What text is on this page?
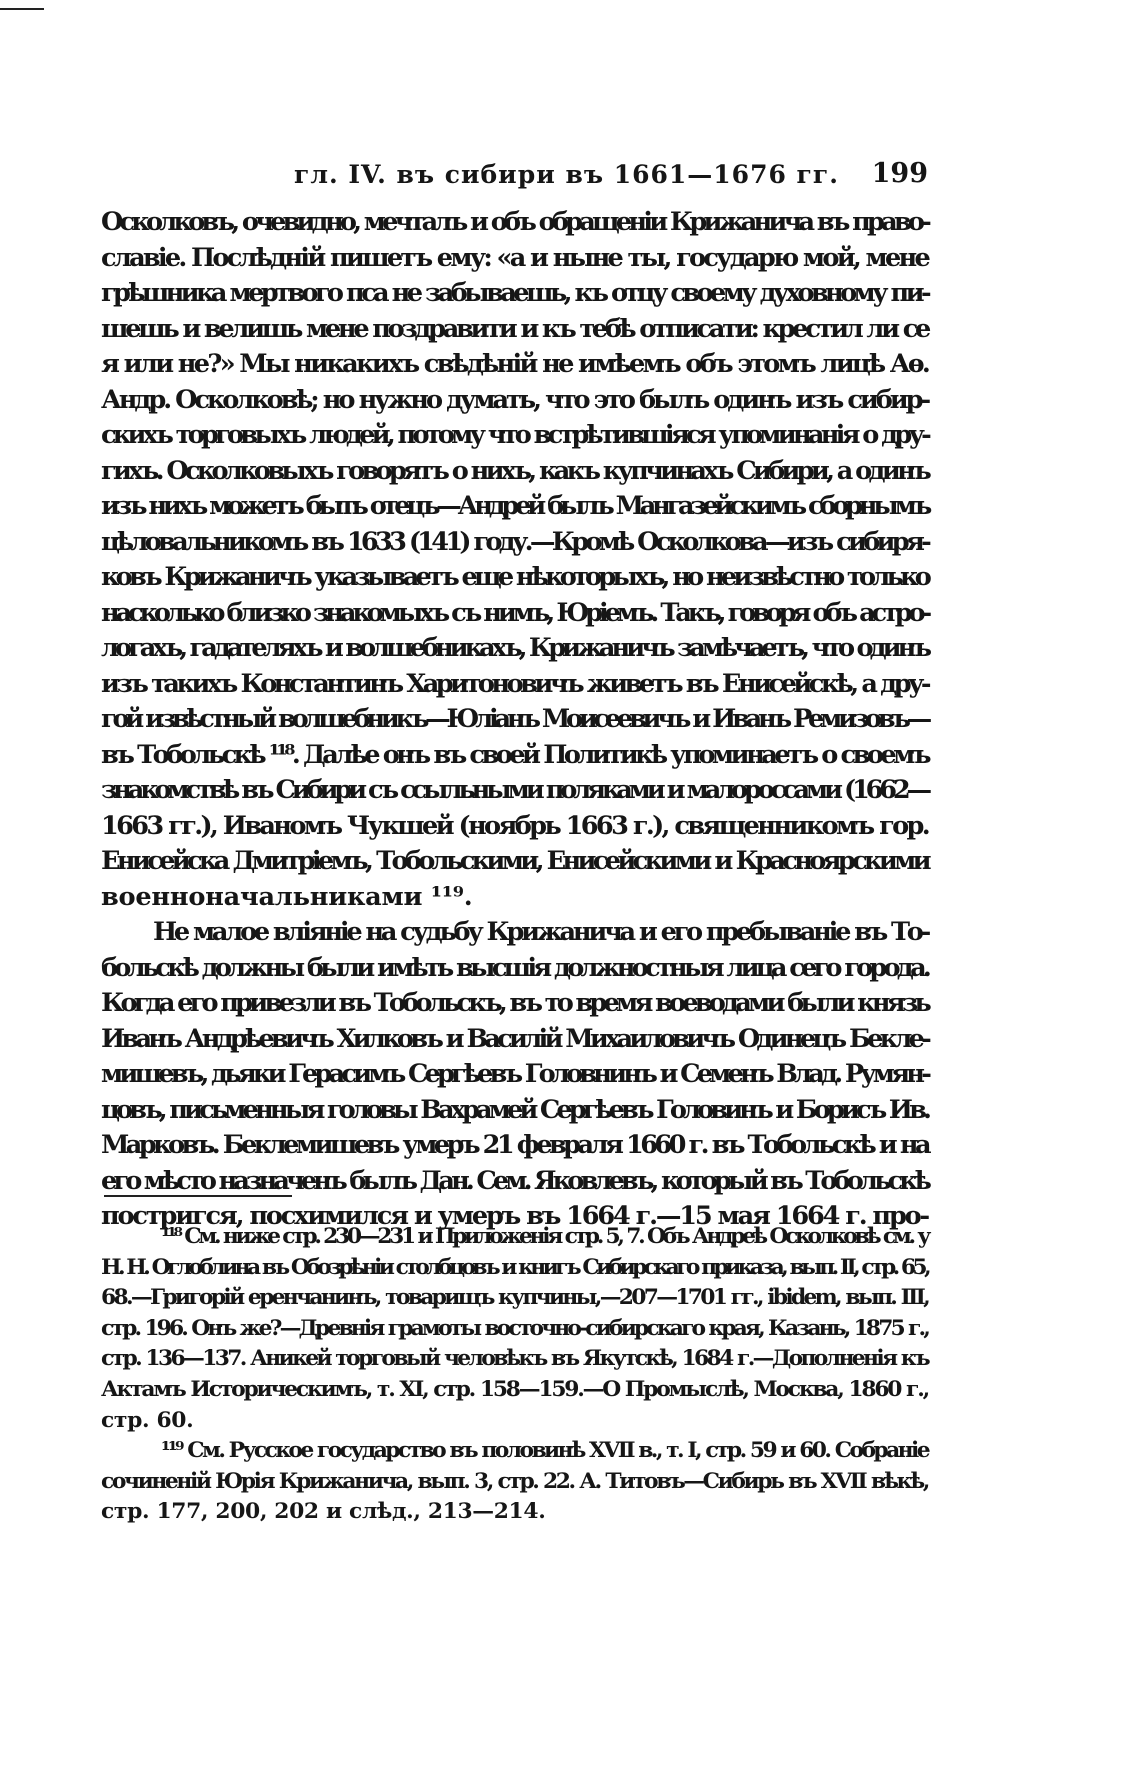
гл. IV. въ сибири въ 1661—1676 гг. 199
Осколковъ, очевидно, мечталъ и объ обращеніи Крижанича въ право-
славіе. Послѣдній пишетъ ему: «а и ныне ты, государю мой, мене
грѣшника мертвого пса не забываешь, къ отцу своему духовному пи-
шешь и велишь мене поздравити и къ тебѣ отписати: крестил ли се
я или не?» Мы никакихъ свѣдѣній не имѣемъ объ этомъ лицѣ Аѳ.
Андр. Осколковѣ; но нужно думать, что это былъ одинъ изъ сибир-
скихъ торговыхъ людей, потому что встрѣтившіяся упоминанія о дру-
гихъ. Осколковыхъ говорятъ о нихъ, какъ купчинахъ Сибири, а одинъ
изъ нихъ можетъ быть отецъ—Андрей былъ Мангазейскимъ сборнымъ
цѣловальникомъ въ 1633 (141) году.—Кромѣ Осколкова—изъ сибиря-
ковъ Крижаничъ указываетъ еще нѣкоторыхъ, но неизвѣстно только
насколько близко знакомыхъ съ нимъ, Юріемъ. Такъ, говоря объ астро-
логахъ, гадателяхъ и волшебникахъ, Крижаничъ замѣчаетъ, что одинъ
изъ такихъ Константинъ Харитоновичъ живетъ въ Енисейскѣ, а дру-
гой извѣстный волшебникъ—Юліанъ Моисеевичъ и Иванъ Ремизовъ—
въ Тобольскѣ ¹¹⁸. Далѣе онъ въ своей Политикѣ упоминаетъ о своемъ
знакомствѣ въ Сибири съ ссыльными поляками и малороссами (1662—
1663 гг.), Иваномъ Чукшей (ноябрь 1663 г.), священникомъ гор.
Енисейска Дмитріемъ, Тобольскими, Енисейскими и Красноярскими
военноначальниками ¹¹⁹.
Не малое вліяніе на судьбу Крижанича и его пребываніе въ То-
больскѣ должны были имѣть высшія должностныя лица сего города.
Когда его привезли въ Тобольскъ, въ то время воеводами были князь
Иванъ Андрѣевичъ Хилковъ и Василій Михаиловичъ Одинецъ Бекле-
мишевъ, дьяки Герасимъ Сергѣевъ Головнинъ и Семенъ Влад. Румян-
цовъ, письменныя головы Вахрамей Сергѣевъ Головинъ и Борисъ Ив.
Марковъ. Беклемишевъ умеръ 21 февраля 1660 г. въ Тобольскѣ и на
его мѣсто назначенъ былъ Дан. Сем. Яковлевъ, который въ Тобольскѣ
постригся, посхимился и умеръ въ 1664 г.—15 мая 1664 г. про-
¹¹⁸ См. ниже стр. 230—231 и Приложенія стр. 5, 7. Объ Андреѣ Осколковѣ см. у
Н. Н. Оглоблина въ Обозрѣніи столбцовъ и книгъ Сибирскаго приказа, вып. II, стр. 65,
68.—Григорій еренчанинъ, товарищъ купчины,—207—1701 гг., ibidem, вып. III,
стр. 196. Онъ же?—Древнія грамоты восточно-сибирскаго края, Казань, 1875 г.,
стр. 136—137. Аникей торговый человѣкъ въ Якутскѣ, 1684 г.—Дополненія къ
Актамъ Историческимъ, т. XI, стр. 158—159.—О Промыслѣ, Москва, 1860 г.,
стр. 60.
¹¹⁹ См. Русское государство въ половинѣ XVII в., т. I, стр. 59 и 60. Собраніе
сочиненій Юрія Крижанича, вып. 3, стр. 22. А. Титовъ—Сибирь въ XVII вѣкѣ,
стр. 177, 200, 202 и слѣд., 213—214.
